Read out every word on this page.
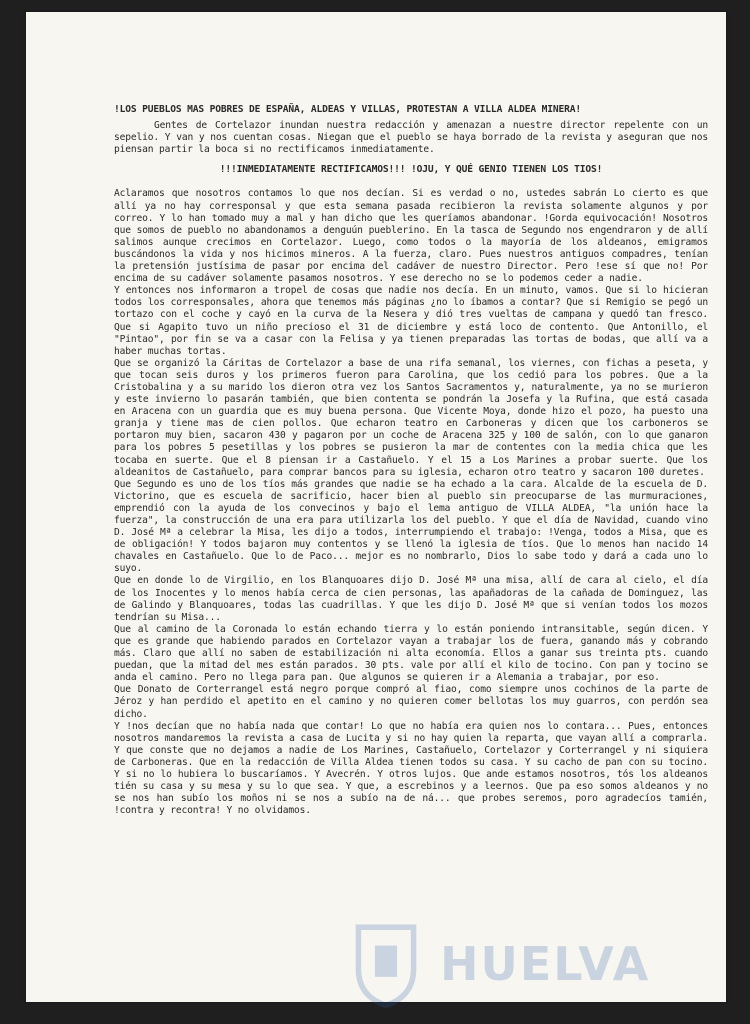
!LOS PUEBLOS MAS POBRES DE ESPAÑA, ALDEAS Y VILLAS, PROTESTAN A VILLA ALDEA MINERA!
Gentes de Cortelazor inundan nuestra redacción y amenazan a nuestre director repelente con un sepelio. Y van y nos cuentan cosas. Niegan que el pueblo se haya borrado de la revista y aseguran que nos piensan partir la boca si no rectificamos inmediatamente.
!!!INMEDIATAMENTE RECTIFICAMOS!!! !OJU, Y QUÉ GENIO TIENEN LOS TIOS!

Aclaramos que nosotros contamos lo que nos decían. Si es verdad o no, ustedes sabrán Lo cierto es que allí ya no hay corresponsal y que esta semana pasada recibieron la revista solamente algunos y por correo. Y lo han tomado muy a mal y han dicho que les queríamos abandonar. !Gorda equivocación! Nosotros que somos de pueblo no abandonamos a denguún pueblerino. En la tasca de Segundo nos engendraron y de allí salimos aunque crecimos en Cortelazor. Luego, como todos o la mayoría de los aldeanos, emigramos buscándonos la vida y nos hicimos mineros. A la fuerza, claro. Pues nuestros antiguos compadres, tenían la pretensión justísima de pasar por encima del cadáver de nuestro Director. Pero !ese sí que no! Por encima de su cadáver solamente pasamos nosotros. Y ese derecho no se lo podemos ceder a nadie.

Y entonces nos informaron a tropel de cosas que nadie nos decía. En un minuto, vamos. Que si lo hicieran todos los corresponsales, ahora que tenemos más páginas ¿no lo íbamos a contar? Que si Remigio se pegó un tortazo con el coche y cayó en la curva de la Nesera y dió tres vueltas de campana y quedó tan fresco. Que si Agapito tuvo un niño precioso el 31 de diciembre y está loco de contento. Que Antonillo, el "Pintao", por fin se va a casar con la Felisa y ya tienen preparadas las tortas de bodas, que allí va a haber muchas tortas.

Que se organizó la Cáritas de Cortelazor a base de una rifa semanal, los viernes, con fichas a peseta, y que tocan seis duros y los primeros fueron para Carolina, que los cedió para los pobres. Que a la Cristobalina y a su marido los dieron otra vez los Santos Sacramentos y, naturalmente, ya no se murieron y este invierno lo pasarán también, que bien contenta se pondrán la Josefa y la Rufina, que está casada en Aracena con un guardia que es muy buena persona. Que Vicente Moya, donde hizo el pozo, ha puesto una granja y tiene mas de cien pollos. Que echaron teatro en Carboneras y dicen que los carboneros se portaron muy bien, sacaron 430 y pagaron por un coche de Aracena 325 y 100 de salón, con lo que ganaron para los pobres 5 pesetillas y los pobres se pusieron la mar de contentes con la media chica que les tocaba en suerte. Que el 8 piensan ir a Castañuelo. Y el 15 a Los Marines a probar suerte. Que los aldeanitos de Castañuelo, para comprar bancos para su iglesia, echaron otro teatro y sacaron 100 duretes.

Que Segundo es uno de los tíos más grandes que nadie se ha echado a la cara. Alcalde de la escuela de D. Victorino, que es escuela de sacrificio, hacer bien al pueblo sin preocuparse de las murmuraciones, emprendió con la ayuda de los convecinos y bajo el lema antiguo de VILLA ALDEA, "la unión hace la fuerza", la construcción de una era para utilizarla los del pueblo. Y que el día de Navidad, cuando vino D. José Mª a celebrar la Misa, les dijo a todos, interrumpiendo el trabajo: !Venga, todos a Misa, que es de obligación! Y todos bajaron muy contentos y se llenó la iglesia de tíos. Que lo menos han nacido 14 chavales en Castañuelo. Que lo de Paco... mejor es no nombrarlo, Dios lo sabe todo y dará a cada uno lo suyo.

Que en donde lo de Virgilio, en los Blanquoares dijo D. José Mª una misa, allí de cara al cielo, el día de los Inocentes y lo menos había cerca de cien personas, las apañadoras de la cañada de Dominguez, las de Galindo y Blanquoares, todas las cuadrillas. Y que les dijo D. José Mª que si venían todos los mozos tendrían su Misa...

Que al camino de la Coronada lo están echando tierra y lo están poniendo intransitable, según dicen. Y que es grande que habiendo parados en Cortelazor vayan a trabajar los de fuera, ganando más y cobrando más. Claro que allí no saben de estabilización ni alta economía. Ellos a ganar sus treinta pts. cuando puedan, que la mitad del mes están parados. 30 pts. vale por allí el kilo de tocino. Con pan y tocino se anda el camino. Pero no llega para pan. Que algunos se quieren ir a Alemania a trabajar, por eso.

Que Donato de Corterrangel está negro porque compró al fiao, como siempre unos cochinos de la parte de Jéroz y han perdido el apetito en el camino y no quieren comer bellotas los muy guarros, con perdón sea dicho.

Y !nos decían que no había nada que contar! Lo que no había era quien nos lo contara... Pues, entonces nosotros mandaremos la revista a casa de Lucita y si no hay quien la reparta, que vayan allí a comprarla. Y que conste que no dejamos a nadie de Los Marines, Castañuelo, Cortelazor y Corterrangel y ni siquiera de Carboneras. Que en la redacción de Villa Aldea tienen todos su casa. Y su cacho de pan con su tocino. Y si no lo hubiera lo buscaríamos. Y Avecrén. Y otros lujos. Que ande estamos nosotros, tós los aldeanos tién su casa y su mesa y su lo que sea. Y que, a escrebinos y a leernos. Que pa eso somos aldeanos y no se nos han subío los moños ni se nos a subío na de ná... que probes seremos, poro agradecíos tamién, !contra y recontra! Y no olvidamos.

HUELVA
